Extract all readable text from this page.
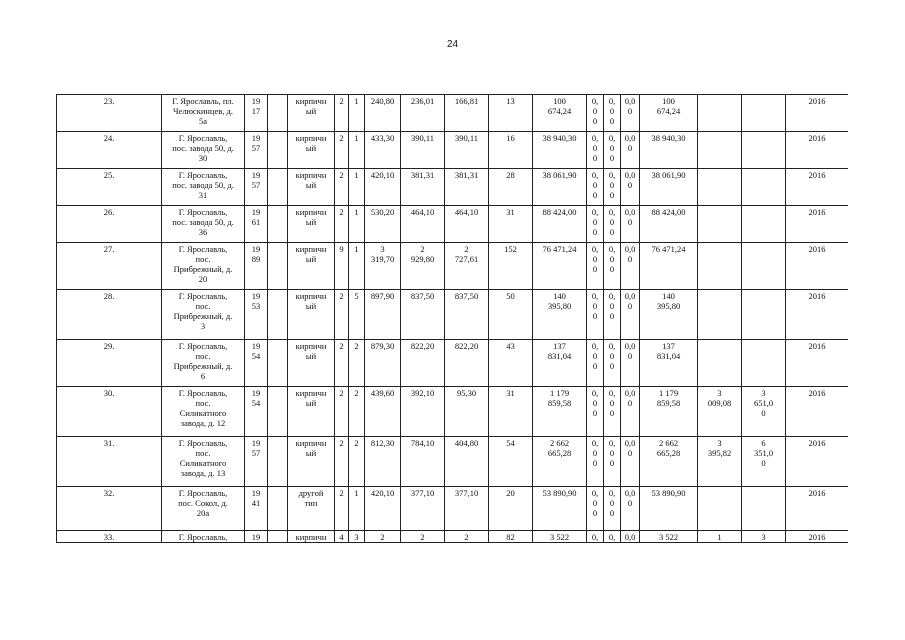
24
23.	Г. Ярославль, пл.
Челюскинцев, д.
5а	19
17		кирпичн
ый	2	1	240,80	236,01	166,81	13	100
674,24	0,
0
0	0,
0
0	0,0
0	100
674,24			2016

24.	Г. Ярославль,
пос. завода 50, д.
30	19
57		кирпичн
ый	2	1	433,30	390,11	390,11	16	38 940,30	0,
0
0	0,
0
0	0,0
0	38 940,30			2016

25.	Г. Ярославль,
пос. завода 50, д.
31	19
57		кирпичн
ый	2	1	420,10	381,31	381,31	28	38 061,90	0,
0
0	0,
0
0	0,0
0	38 061,90			2016

26.	Г. Ярославль,
пос. завода 50, д.
36	19
61		кирпичн
ый	2	1	530,20	464,10	464,10	31	88 424,00	0,
0
0	0,
0
0	0,0
0	88 424,00			2016

27.	Г. Ярославль,
пос.
Прибрежный, д.
20	19
89		кирпичн
ый	9	1	3
319,70	2
929,80	2
727,61	152	76 471,24	0,
0
0	0,
0
0	0,0
0	76 471,24			2016

28.	Г. Ярославль,
пос.
Прибрежный, д.
3	19
53		кирпичн
ый	2	5	897,90	837,50	837,50	50	140
395,80	0,
0
0	0,
0
0	0,0
0	140
395,80			2016

29.	Г. Ярославль,
пос.
Прибрежный, д.
6	19
54		кирпичн
ый	2	2	879,30	822,20	822,20	43	137
831,04	0,
0
0	0,
0
0	0,0
0	137
831,04			2016

30.	Г. Ярославль,
пос.
Силикатного
завода, д. 12	19
54		кирпичн
ый	2	2	439,60	392,10	95,30	31	1 179
859,58	0,
0
0	0,
0
0	0,0
0	1 179
859,58	3
009,08	3
651,0
0	2016

31.	Г. Ярославль,
пос.
Силикатного
завода, д. 13	19
57		кирпичн
ый	2	2	812,30	784,10	404,80	54	2 662
665,28	0,
0
0	0,
0
0	0,0
0	2 662
665,28	3
395,82	6
351,0
0	2016

32.	Г. Ярославль,
пос. Сокол, д.
20а	19
41		другой
тип	2	1	420,10	377,10	377,10	20	53 890,90	0,
0
0	0,
0
0	0,0
0	53 890,90			2016

33.	Г. Ярославль,	19		кирпичн	4	3	2	2	2	82	3 522	0,	0,	0,0	3 522	1	3	2016
